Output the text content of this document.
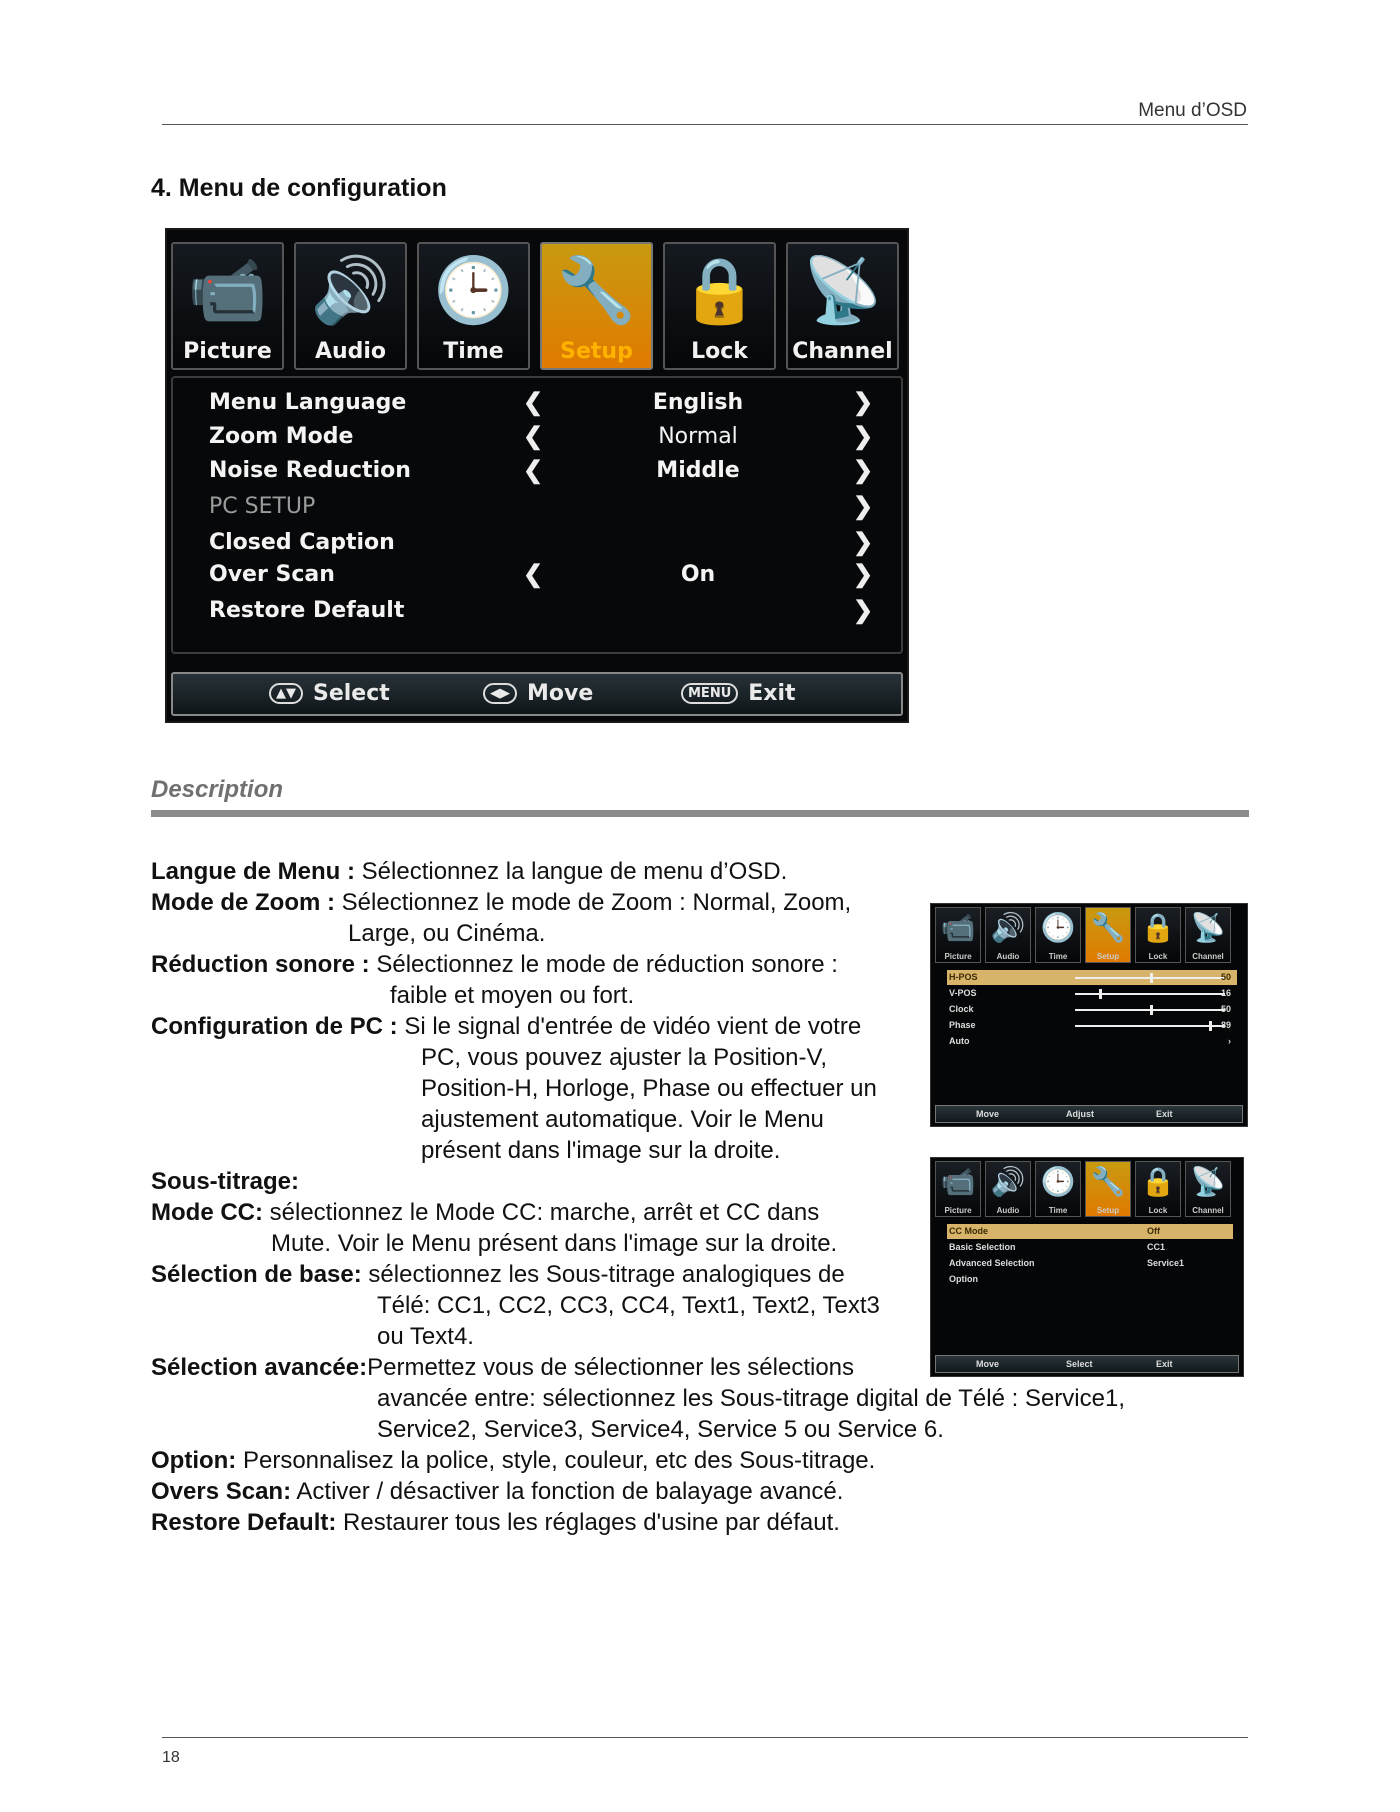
Menu d’OSD
4. Menu de configuration
📹
Picture
🔊
Audio
🕒
Time
🔧
Setup
🔒
Lock
📡
Channel
Menu Language	❮	English	❯
Zoom Mode	❮	Normal	❯
Noise Reduction	❮	Middle	❯
PC SETUP	❯
Closed Caption	❯
Over Scan	❮	On	❯
Restore Default	❯
▲▼ Select	◀▶ Move	MENU Exit
Description
Langue de Menu : Sélectionnez la langue de menu d’OSD.
Mode de Zoom : Sélectionnez le mode de Zoom : Normal, Zoom,
Large, ou Cinéma.
Réduction sonore : Sélectionnez le mode de réduction sonore :
faible et moyen ou fort.
Configuration de PC : Si le signal d'entrée de vidéo vient de votre
PC, vous pouvez ajuster la Position-V,
Position-H, Horloge, Phase ou effectuer un
ajustement automatique. Voir le Menu
présent dans l'image sur la droite.
Sous-titrage:
Mode CC: sélectionnez le Mode CC: marche, arrêt et CC dans
Mute. Voir le Menu présent dans l'image sur la droite.
Sélection de base: sélectionnez les Sous-titrage analogiques de
Télé: CC1, CC2, CC3, CC4, Text1, Text2, Text3
ou Text4.
Sélection avancée:Permettez vous de sélectionner les sélections
avancée entre: sélectionnez les Sous-titrage digital de Télé : Service1,
Service2, Service3, Service4, Service 5 ou Service 6.
Option: Personnalisez la police, style, couleur, etc des Sous-titrage.
Overs Scan: Activer / désactiver la fonction de balayage avancé.
Restore Default: Restaurer tous les réglages d'usine par défaut.
📹
Picture
🔊
Audio
🕒
Time
🔧
Setup
🔒
Lock
📡
Channel
H-POS	50
V-POS	16
Clock	50
Phase	89
Auto	›
Move	Adjust	Exit
📹
Picture
🔊
Audio
🕒
Time
🔧
Setup
🔒
Lock
📡
Channel
CC Mode	Off
Basic Selection	CC1
Advanced Selection	Service1
Option
Move	Select	Exit
18
